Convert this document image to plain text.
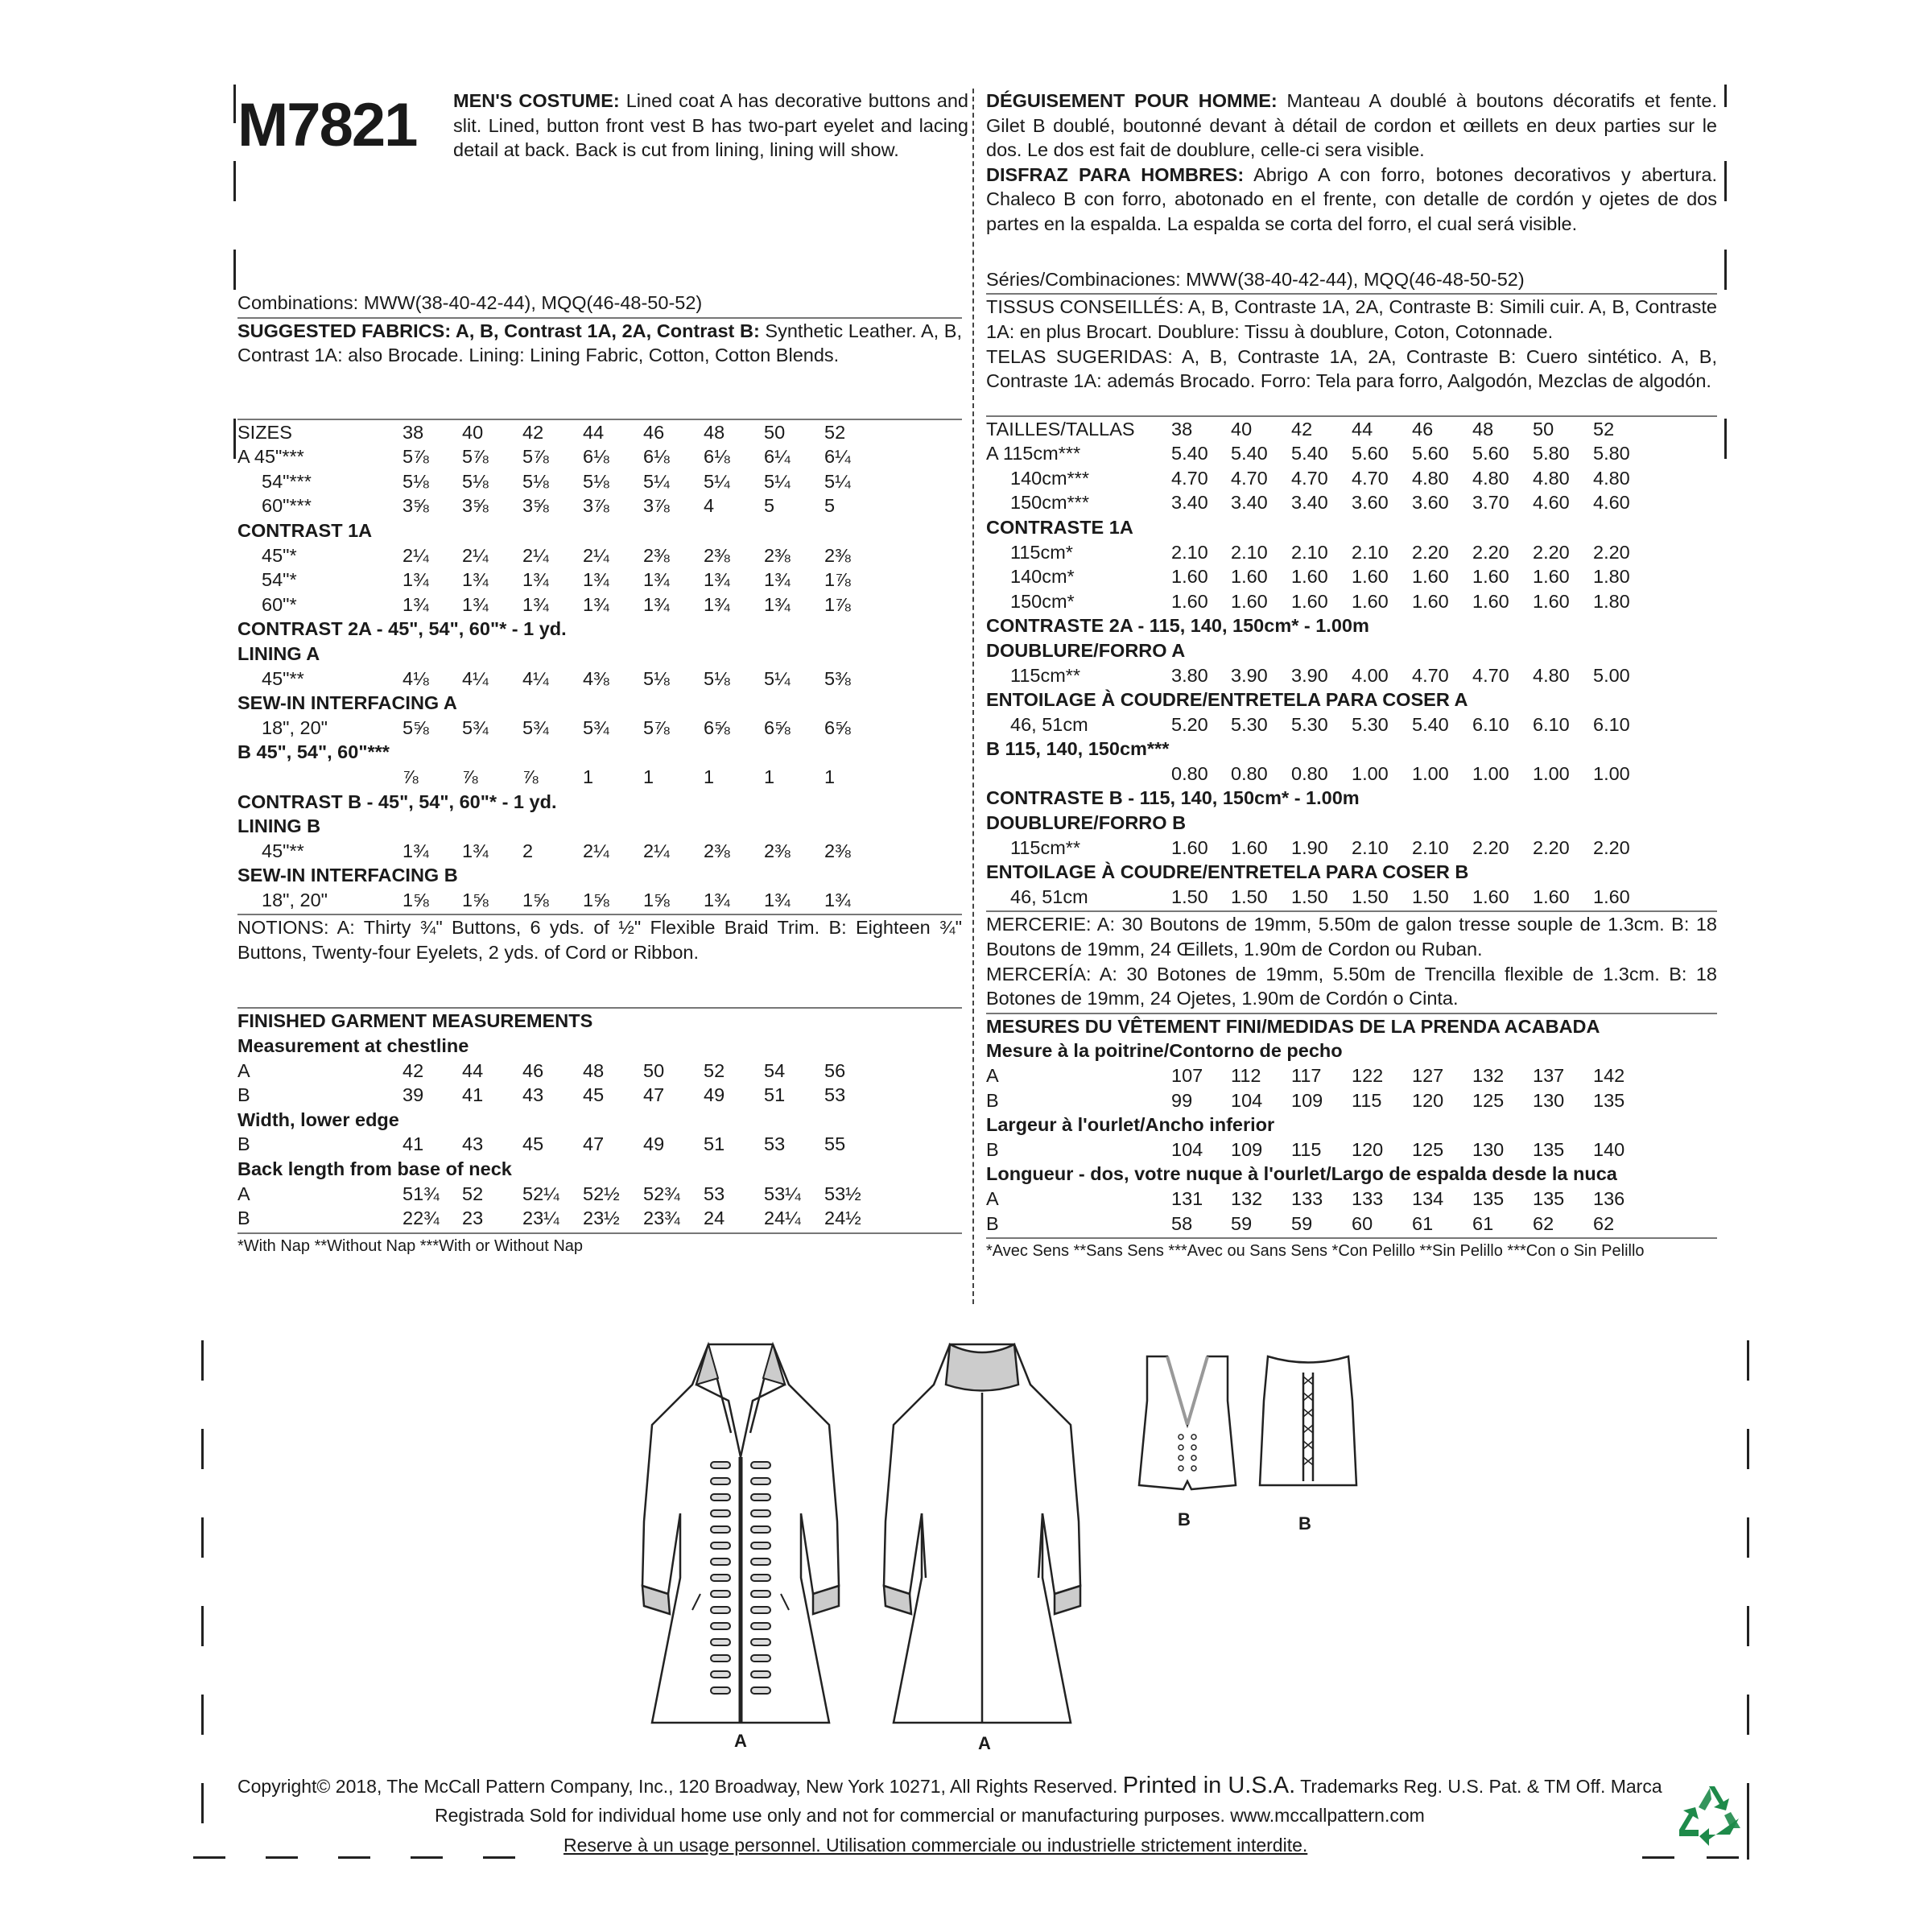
M7821 MEN'S COSTUME: Lined coat A has decorative buttons and slit. Lined, button front vest B has two-part eyelet and lacing detail at back. Back is cut from lining, lining will show.
Combinations: MWW(38-40-42-44), MQQ(46-48-50-52)
SUGGESTED FABRICS: A, B, Contrast 1A, 2A, Contrast B: Synthetic Leather. A, B, Contrast 1A: also Brocade. Lining: Lining Fabric, Cotton, Cotton Blends.
SIZES	38	40	42	44	46	48	50	52
A 45"***	5⅞	5⅞	5⅞	6⅛	6⅛	6⅛	6¼	6¼
54"***	5⅛	5⅛	5⅛	5⅛	5¼	5¼	5¼	5¼
60"***	3⅝	3⅝	3⅝	3⅞	3⅞	4	5	5
CONTRAST 1A
45"*	2¼	2¼	2¼	2¼	2⅜	2⅜	2⅜	2⅜
54"*	1¾	1¾	1¾	1¾	1¾	1¾	1¾	1⅞
60"*	1¾	1¾	1¾	1¾	1¾	1¾	1¾	1⅞
CONTRAST 2A - 45", 54", 60"* - 1 yd.
LINING A
45"**	4⅛	4¼	4¼	4⅜	5⅛	5⅛	5¼	5⅜
SEW-IN INTERFACING A
18", 20"	5⅝	5¾	5¾	5¾	5⅞	6⅝	6⅝	6⅝
B 45", 54", 60"***
⅞	⅞	⅞	1	1	1	1	1
CONTRAST B - 45", 54", 60"* - 1 yd.
LINING B
45"**	1¾	1¾	2	2¼	2¼	2⅜	2⅜	2⅜
SEW-IN INTERFACING B
18", 20"	1⅝	1⅝	1⅝	1⅝	1⅝	1¾	1¾	1¾
NOTIONS: A: Thirty ¾" Buttons, 6 yds. of ½" Flexible Braid Trim. B: Eighteen ¾" Buttons, Twenty-four Eyelets, 2 yds. of Cord or Ribbon.
FINISHED GARMENT MEASUREMENTS
Measurement at chestline
A	42	44	46	48	50	52	54	56
B	39	41	43	45	47	49	51	53
Width, lower edge
B	41	43	45	47	49	51	53	55
Back length from base of neck
A	51¾	52	52¼	52½	52¾	53	53¼	53½
B	22¾	23	23¼	23½	23¾	24	24¼	24½
*With Nap **Without Nap ***With or Without Nap
DÉGUISEMENT POUR HOMME: Manteau A doublé à boutons décoratifs et fente. Gilet B doublé, boutonné devant à détail de cordon et œillets en deux parties sur le dos. Le dos est fait de doublure, celle-ci sera visible.
DISFRAZ PARA HOMBRES: Abrigo A con forro, botones decorativos y abertura. Chaleco B con forro, abotonado en el frente, con detalle de cordón y ojetes de dos partes en la espalda. La espalda se corta del forro, el cual será visible.
Séries/Combinaciones: MWW(38-40-42-44), MQQ(46-48-50-52)
TISSUS CONSEILLÉS: A, B, Contraste 1A, 2A, Contraste B: Simili cuir. A, B, Contraste 1A: en plus Brocart. Doublure: Tissu à doublure, Coton, Cotonnade.
TELAS SUGERIDAS: A, B, Contraste 1A, 2A, Contraste B: Cuero sintético. A, B, Contraste 1A: además Brocado. Forro: Tela para forro, Aalgodón, Mezclas de algodón.
TAILLES/TALLAS	38	40	42	44	46	48	50	52
A 115cm***	5.40	5.40	5.40	5.60	5.60	5.60	5.80	5.80
140cm***	4.70	4.70	4.70	4.70	4.80	4.80	4.80	4.80
150cm***	3.40	3.40	3.40	3.60	3.60	3.70	4.60	4.60
CONTRASTE 1A
115cm*	2.10	2.10	2.10	2.10	2.20	2.20	2.20	2.20
140cm*	1.60	1.60	1.60	1.60	1.60	1.60	1.60	1.80
150cm*	1.60	1.60	1.60	1.60	1.60	1.60	1.60	1.80
CONTRASTE 2A - 115, 140, 150cm* - 1.00m
DOUBLURE/FORRO A
115cm**	3.80	3.90	3.90	4.00	4.70	4.70	4.80	5.00
ENTOILAGE À COUDRE/ENTRETELA PARA COSER A
46, 51cm	5.20	5.30	5.30	5.30	5.40	6.10	6.10	6.10
B 115, 140, 150cm***
0.80	0.80	0.80	1.00	1.00	1.00	1.00	1.00
CONTRASTE B - 115, 140, 150cm* - 1.00m
DOUBLURE/FORRO B
115cm**	1.60	1.60	1.90	2.10	2.10	2.20	2.20	2.20
ENTOILAGE À COUDRE/ENTRETELA PARA COSER B
46, 51cm	1.50	1.50	1.50	1.50	1.50	1.60	1.60	1.60
MERCERIE: A: 30 Boutons de 19mm, 5.50m de galon tresse souple de 1.3cm. B: 18 Boutons de 19mm, 24 Œillets, 1.90m de Cordon ou Ruban.
MERCERÍA: A: 30 Botones de 19mm, 5.50m de Trencilla flexible de 1.3cm. B: 18 Botones de 19mm, 24 Ojetes, 1.90m de Cordón o Cinta.
MESURES DU VÊTEMENT FINI/MEDIDAS DE LA PRENDA ACABADA
Mesure à la poitrine/Contorno de pecho
A	107	112	117	122	127	132	137	142
B	99	104	109	115	120	125	130	135
Largeur à l'ourlet/Ancho inferior
B	104	109	115	120	125	130	135	140
Longueur - dos, votre nuque à l'ourlet/Largo de espalda desde la nuca
A	131	132	133	133	134	135	135	136
B	58	59	59	60	61	61	62	62
*Avec Sens **Sans Sens ***Avec ou Sans Sens *Con Pelillo **Sin Pelillo ***Con o Sin Pelillo
A	A
B	B
Copyright© 2018, The McCall Pattern Company, Inc., 120 Broadway, New York 10271, All Rights Reserved. Printed in U.S.A. Trademarks Reg. U.S. Pat. & TM Off. Marca
Registrada Sold for individual home use only and not for commercial or manufacturing purposes. www.mccallpattern.com
Reserve à un usage personnel. Utilisation commerciale ou industrielle strictement interdite.
